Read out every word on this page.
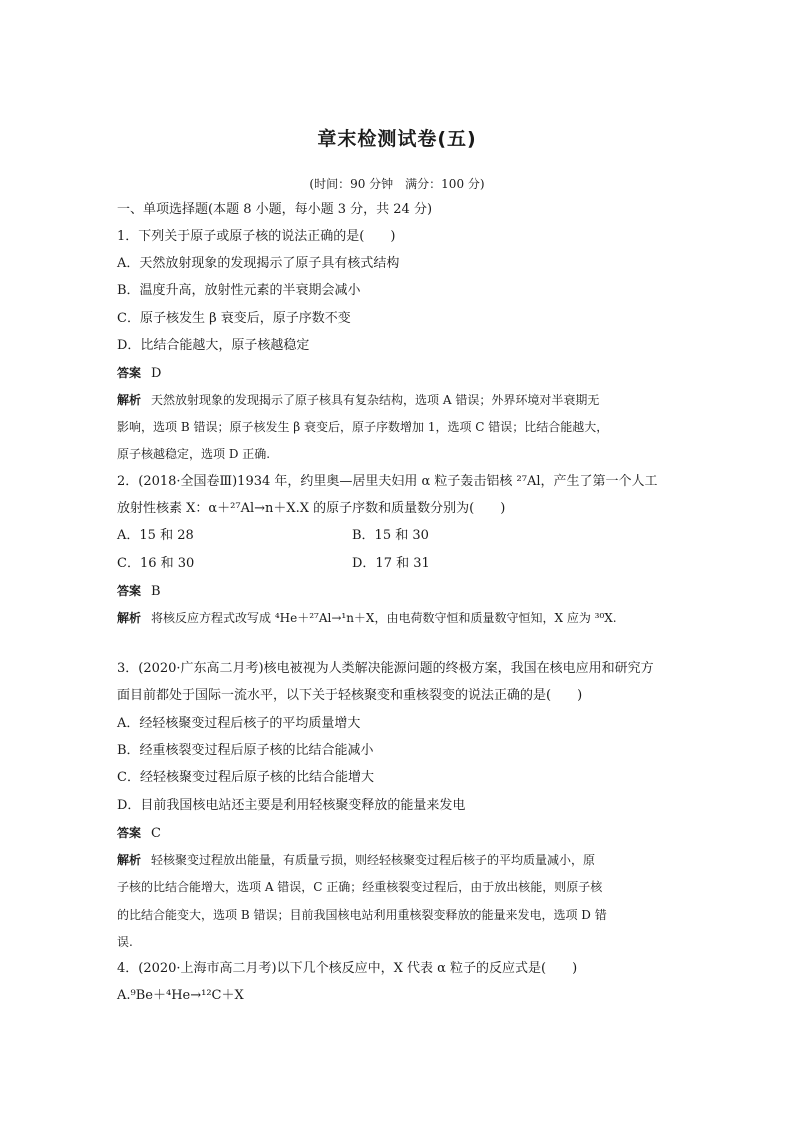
章末检测试卷(五)
(时间：90 分钟　满分：100 分)
一、单项选择题(本题 8 小题，每小题 3 分，共 24 分)
1．下列关于原子或原子核的说法正确的是(　　)
A．天然放射现象的发现揭示了原子具有核式结构
B．温度升高，放射性元素的半衰期会减小
C．原子核发生 β 衰变后，原子序数不变
D．比结合能越大，原子核越稳定
答案 D
解析 天然放射现象的发现揭示了原子核具有复杂结构，选项 A 错误；外界环境对半衰期无
影响，选项 B 错误；原子核发生 β 衰变后，原子序数增加 1，选项 C 错误；比结合能越大，
原子核越稳定，选项 D 正确.
2．(2018·全国卷Ⅲ)1934 年，约里奥—居里夫妇用 α 粒子轰击铝核 ²⁷Al，产生了第一个人工
放射性核素 X：α＋²⁷Al→n＋X.X 的原子序数和质量数分别为(　　)
A．15 和 28	B．15 和 30
C．16 和 30	D．17 和 31
答案 B
解析 将核反应方程式改写成 ⁴He＋²⁷Al→¹n＋X，由电荷数守恒和质量数守恒知，X 应为 ³⁰X.
3．(2020·广东高二月考)核电被视为人类解决能源问题的终极方案，我国在核电应用和研究方
面目前都处于国际一流水平，以下关于轻核聚变和重核裂变的说法正确的是(　　)
A．经轻核聚变过程后核子的平均质量增大
B．经重核裂变过程后原子核的比结合能减小
C．经轻核聚变过程后原子核的比结合能增大
D．目前我国核电站还主要是利用轻核聚变释放的能量来发电
答案 C
解析 轻核聚变过程放出能量，有质量亏损，则经轻核聚变过程后核子的平均质量减小，原
子核的比结合能增大，选项 A 错误，C 正确；经重核裂变过程后，由于放出核能，则原子核
的比结合能变大，选项 B 错误；目前我国核电站利用重核裂变释放的能量来发电，选项 D 错
误.
4．(2020·上海市高二月考)以下几个核反应中，X 代表 α 粒子的反应式是(　　)
A.⁹Be＋⁴He→¹²C＋X
